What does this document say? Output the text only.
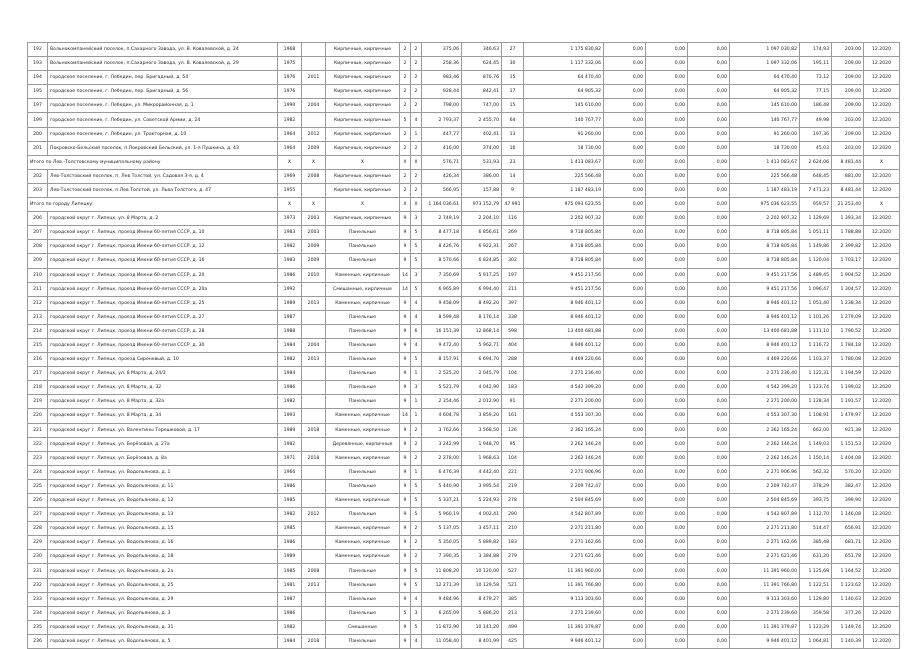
192	Вольнокомпанейский поселок, п.Сахарного Завода, ул. В. Ковалевской, д. 24	1968		Кирпичные, кирпичные	2	2	375,06	346,63	27	1 175 830,82	0,00	0,00	0,00	1 097 030,82	174,93	203,00	12.2020
193	Вольнокомпанейский поселок, п.Сахарного Завода, ул. В. Ковалевской, д. 29	1975		Кирпичные, кирпичные	2	2	258,36	624,45	30	1 117 332,06	0,00	0,00	0,00	1 097 332,06	195,11	209,00	12.2020
194	городское поселение, г. Лебедин, пер. Бригадный, д. 54	1976	2011	Кирпичные, кирпичные	2	2	983,46	876,76	15	64 470,40	0,00	0,00	0,00	64 470,40	73,12	209,00	12.2020
195	городское поселение, г. Лебедин, пер. Бригадный, д. 56	1976		Кирпичные, кирпичные	2	2	928,44	842,41	17	64 905,32	0,00	0,00	0,00	64 905,32	77,15	209,00	12.2020
197	городское поселение, г. Лебедин, ул. Микрорайонная, д. 1	1990	2004	Кирпичные, кирпичные	2	2	798,00	747,00	15	145 610,00	0,00	0,00	0,00	145 610,00	186,48	209,00	12.2020
199	городское поселение, г. Лебедин, ул. Советской Армии, д. 24	1982		Кирпичные, кирпичные	5	4	2 793,37	2 455,70	64	140 767,77	0,00	0,00	0,00	140 767,77	49,98	203,00	12.2020
200	городское поселение, г. Лебедин, ул. Тракторная, д. 10	1964	2012	Кирпичные, кирпичные	2	1	447,77	402,41	13	91 260,00	0,00	0,00	0,00	91 260,00	197,36	209,00	12.2020
201	Покровско-Бельский поселок, п.Покровский Бельский, ул. 1-я Пушкина, д. 43	1964	2009	Кирпичные, кирпичные	2	2	416,00	374,00	16	18 730,00	0,00	0,00	0,00	18 730,00	45,03	203,00	12.2020
Итого по Лев.-Толстовскому муниципальному району		X	X	X	X	X	576,71	531,93	23	1 413 083,67	0,00	0,00	0,00	1 413 083,67	2 624,06	8 481,44	X
202	Лев-Толстовский поселок, п. Лев Толстой, ул. Садовая 3-я, д. 4	1969	2008	Кирпичные, кирпичные	2	2	426,34	386,00	14	225 566,48	0,00	0,00	0,00	225 566,48	648,45	881,00	12.2020
203	Лев-Толстовский поселок, п.Лев Толстой, ул. Льва Толстого, д. 47	1955		Кирпичные, кирпичные	2	2	566,95	157,88	9	1 187 483,19	0,00	0,00	0,00	1 187 483,19	7 471,23	8 481,44	12.2020
Итого по городу Липецку:		X	X	X	X	X	1 164 036,61	973 152,79	47 991	975 093 623,55	0,00	0,00	0,00	975 036 623,55	959,57	21 253,40	X
206	городской округ г. Липецк, ул. 8 Марта, д. 2	1973	2003	Кирпичные, кирпичные	9	3	2 749,19	2 204,10	116	2 202 907,32	0,00	0,00	0,00	2 202 907,32	1 129,69	1 393,34	12.2020
207	городской округ г. Липецк, проезд Имени 60-летия СССР, д. 10	1983	2003	Панельные	9	5	8 477,18	6 856,61	269	8 718 805,84	0,00	0,00	0,00	8 718 805,84	1 051,11	1 788,88	12.2020
208	городской округ г. Липецк, проезд Имени 60-летия СССР, д. 12	1982	2009	Панельные	9	5	8 426,76	6 922,31	267	8 718 805,84	0,00	0,00	0,00	8 718 805,84	1 149,86	2 399,82	12.2020
209	городской округ г. Липецк, проезд Имени 60-летия СССР, д. 16	1983	2009	Панельные	9	5	8 570,66	6 824,85	302	8 718 805,84	0,00	0,00	0,00	8 718 805,84	1 120,04	1 703,17	12.2020
210	городской округ г. Липецк, проезд Имени 60-летия СССР, д. 20	1986	2010	Каменные, кирпичные	14	3	7 350,69	5 917,25	197	9 451 217,56	0,00	0,00	0,00	9 451 217,56	1 489,45	1 904,52	12.2020
211	городской округ г. Липецк, проезд Имени 60-летия СССР, д. 20а	1992		Смешанные, кирпичные	14	5	6 965,89	6 994,40	211	9 451 217,56	0,00	0,00	0,00	9 451 217,56	1 096,47	1 304,57	12.2020
212	городской округ г. Липецк, проезд Имени 60-летия СССР, д. 25	1989	2013	Каменные, кирпичные	9	4	9 458,09	8 492,20	397	8 946 401,12	0,00	0,00	0,00	8 946 401,12	1 053,40	1 238,34	12.2020
213	городской округ г. Липецк, проезд Имени 60-летия СССР, д. 27	1987		Панельные	9	4	8 599,48	8 176,14	338	8 946 401,12	0,00	0,00	0,00	8 946 401,12	1 101,26	1 279,09	12.2020
214	городской округ г. Липецк, проезд Имени 60-летия СССР, д. 28	1988		Панельные	9	6	16 151,39	12 868,14	598	13 400 681,88	0,00	0,00	0,00	13 400 681,88	1 111,10	1 790,52	12.2020
215	городской округ г. Липецк, проезд Имени 60-летия СССР, д. 30	1984	2004	Панельные	9	4	9 472,40	5 962,71	404	8 946 401,12	0,00	0,00	0,00	8 946 401,12	1 116,72	1 784,18	12.2020
216	городской округ г. Липецк, проезд Сиреневый, д. 10	1982	2013	Панельные	9	5	8 157,91	6 694,70	288	4 469 220,66	0,00	0,00	0,00	4 469 220,66	1 103,37	1 780,08	12.2020
217	городской округ г. Липецк, ул. 8 Марта, д. 24/3	1984		Панельные	9	1	2 525,20	2 045,79	104	2 271 236,40	0,00	0,00	0,00	2 271 236,40	1 122,31	1 194,59	12.2020
218	городской округ г. Липецк, ул. 8 Марта, д. 32	1986		Панельные	9	3	5 521,79	4 042,90	183	4 542 399,20	0,00	0,00	0,00	4 542 399,20	1 123,74	1 199,02	12.2020
219	городской округ г. Липецк, ул. 8 Марта, д. 32а	1982		Панельные	9	1	2 354,46	2 012,90	91	2 271 200,00	0,00	0,00	0,00	2 271 200,00	1 128,34	1 191,57	12.2020
220	городской округ г. Липецк, ул. 8 Марта, д. 34	1993		Каменные, кирпичные	14	1	4 604,78	3 859,20	161	4 553 307,30	0,00	0,00	0,00	4 553 307,30	1 108,91	1 479,97	12.2020
221	городской округ г. Липецк, ул. Валентины Терешковой, д. 17	1989	2018	Каменные, кирпичные	9	2	3 762,66	3 568,50	126	2 362 165,24	0,00	0,00	0,00	2 362 165,24	662,00	921,38	12.2020
222	городской округ г. Липецк, ул. Берёзовая, д. 27а	1982		Деревянные, кирпичные	9	2	3 242,99	1 948,70	95	2 262 146,24	0,00	0,00	0,00	2 262 146,24	1 149,03	1 151,53	12.2020
223	городской округ г. Липецк, ул. Берёзовая, д. 8а	1971	2018	Каменные, кирпичные	9	2	2 278,00	1 968,63	104	2 262 146,24	0,00	0,00	0,00	2 262 146,24	1 150,14	1 404,08	12.2020
224	городской округ г. Липецк, ул. Водопьянова, д. 1	1966		Панельные	9	1	6 476,39	4 442,40	221	2 271 906,96	0,00	0,00	0,00	2 271 906,96	562,32	570,20	12.2020
225	городской округ г. Липецк, ул. Водопьянова, д. 11	1986		Панельные	9	5	5 440,90	3 995,54	219	2 209 742,47	0,00	0,00	0,00	2 209 742,47	378,29	382,47	12.2020
226	городской округ г. Липецк, ул. Водопьянова, д. 12	1985		Каменные, кирпичные	9	5	5 337,21	5 224,93	278	2 504 845,69	0,00	0,00	0,00	2 504 845,69	393,75	399,90	12.2020
227	городской округ г. Липецк, ул. Водопьянова, д. 13	1982	2012	Панельные	9	5	5 960,19	4 002,41	290	4 542 807,89	0,00	0,00	0,00	4 542 807,89	1 112,70	1 146,08	12.2020
228	городской округ г. Липецк, ул. Водопьянова, д. 15	1985		Каменные, кирпичные	9	2	5 137,05	3 457,11	210	2 271 211,80	0,00	0,00	0,00	2 271 211,80	514,47	656,91	12.2020
229	городской округ г. Липецк, ул. Водопьянова, д. 16	1986		Каменные, кирпичные	9	2	5 350,05	5 889,82	183	2 271 162,66	0,00	0,00	0,00	2 271 162,66	385,48	681,71	12.2020
230	городской округ г. Липецк, ул. Водопьянова, д. 18	1989		Каменные, кирпичные	9	2	7 390,35	3 384,88	279	2 271 621,46	0,00	0,00	0,00	2 271 621,46	631,20	651,78	12.2020
231	городской округ г. Липецк, ул. Водопьянова, д. 2а	1985	2008	Панельные	9	5	11 808,20	10 120,00	527	11 391 960,00	0,00	0,00	0,00	11 391 960,00	1 125,68	1 164,52	12.2020
232	городской округ г. Липецк, ул. Водопьянова, д. 25	1981	2013	Панельные	9	5	12 271,39	10 129,58	521	11 391 766,80	0,00	0,00	0,00	11 391 766,80	1 122,51	1 123,62	12.2020
233	городской округ г. Липецк, ул. Водопьянова, д. 29	1987		Панельные	9	4	9 484,96	8 479,27	385	9 113 303,60	0,00	0,00	0,00	9 113 303,60	1 129,80	1 140,63	12.2020
234	городской округ г. Липецк, ул. Водопьянова, д. 3	1986		Панельные	5	3	6 265,09	5 886,20	213	2 271 239,60	0,00	0,00	0,00	2 271 239,60	359,58	377,26	12.2020
235	городской округ г. Липецк, ул. Водопьянова, д. 31	1982		Смешанные	9	5	11 872,90	10 141,20	499	11 391 379,87	0,00	0,00	0,00	11 391 379,87	1 123,29	1 149,74	12.2020
236	городской округ г. Липецк, ул. Водопьянова, д. 5	1984	2018	Панельные	9	4	11 058,40	8 401,99	425	9 946 401,12	0,00	0,00	0,00	9 946 401,12	1 064,81	1 140,39	12.2020
